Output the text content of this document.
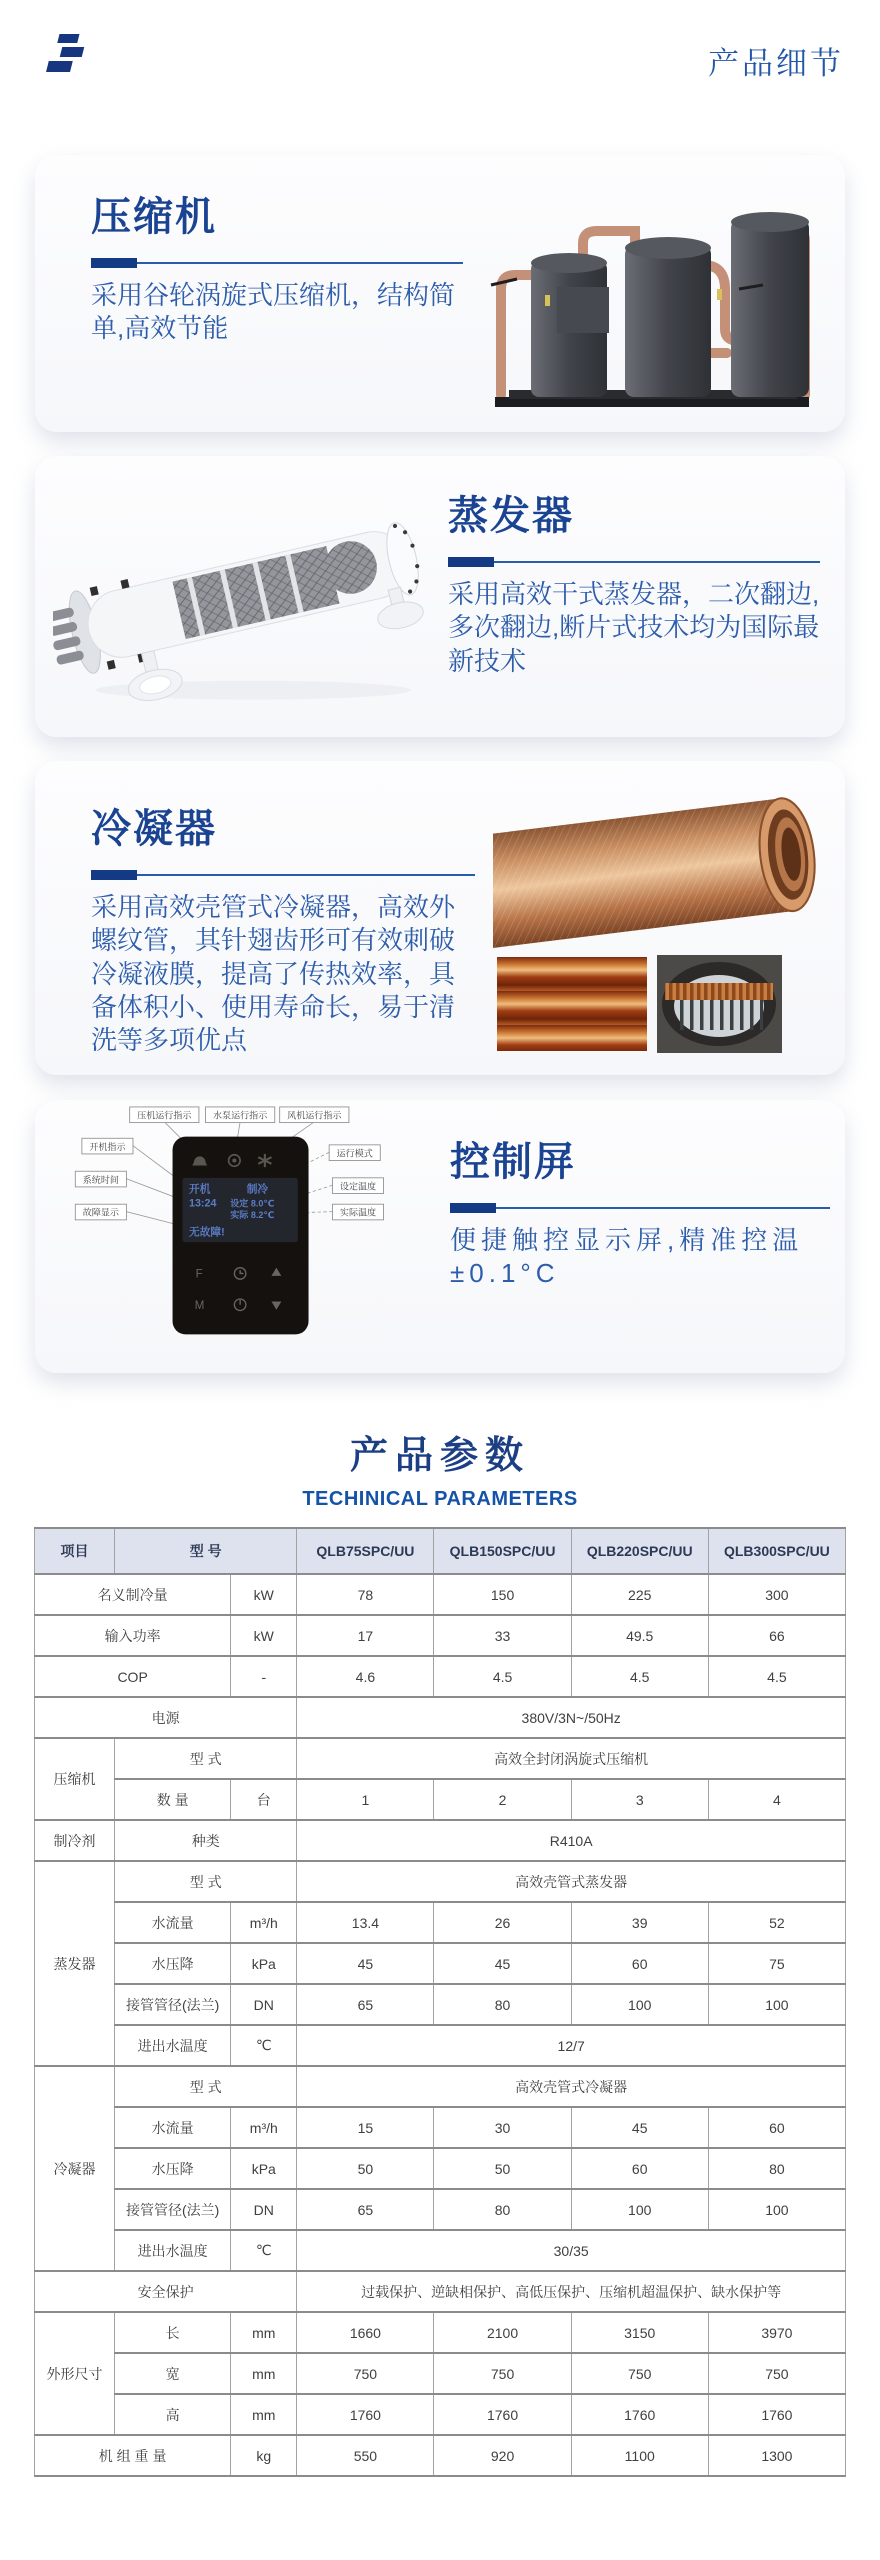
产品细节
压缩机
采用谷轮涡旋式压缩机，结构简单,高效节能
蒸发器
采用高效干式蒸发器，二次翻边,多次翻边,断片式技术均为国际最新技术
冷凝器
采用高效壳管式冷凝器，高效外螺纹管，其针翅齿形可有效刺破冷凝液膜，提高了传热效率，具备体积小、使用寿命长，易于清洗等多项优点
开机	制冷
13:24 设定 8.0℃
实际 8.2℃
无故障!
F
M
压机运行指示 水泵运行指示 风机运行指示
开机指示
系统时间
故障显示
运行模式
设定温度
实际温度
控制屏
便捷触控显示屏,精准控温±0.1°C
产品参数
TECHINICAL PARAMETERS
项目	型 号		QLB75SPC/UU	QLB150SPC/UU	QLB220SPC/UU	QLB300SPC/UU
名义制冷量		kW	78	150	225	300
输入功率		kW	17	33	49.5	66
COP		-	4.6	4.5	4.5	4.5
电源			380V/3N~/50Hz			
压缩机	型 式		高效全封闭涡旋式压缩机			
	数 量	台	1	2	3	4
制冷剂	种类		R410A			
蒸发器	型 式		高效壳管式蒸发器			
	水流量	m³/h	13.4	26	39	52
	水压降	kPa	45	45	60	75
	接管管径(法兰)	DN	65	80	100	100
	进出水温度	℃	12/7			
冷凝器	型 式		高效壳管式冷凝器			
	水流量	m³/h	15	30	45	60
	水压降	kPa	50	50	60	80
	接管管径(法兰)	DN	65	80	100	100
	进出水温度	℃	30/35			
安全保护			过载保护、逆缺相保护、高低压保护、压缩机超温保护、缺水保护等			
外形尺寸	长	mm	1660	2100	3150	3970
	宽	mm	750	750	750	750
	高	mm	1760	1760	1760	1760
机 组 重 量		kg	550	920	1100	1300
